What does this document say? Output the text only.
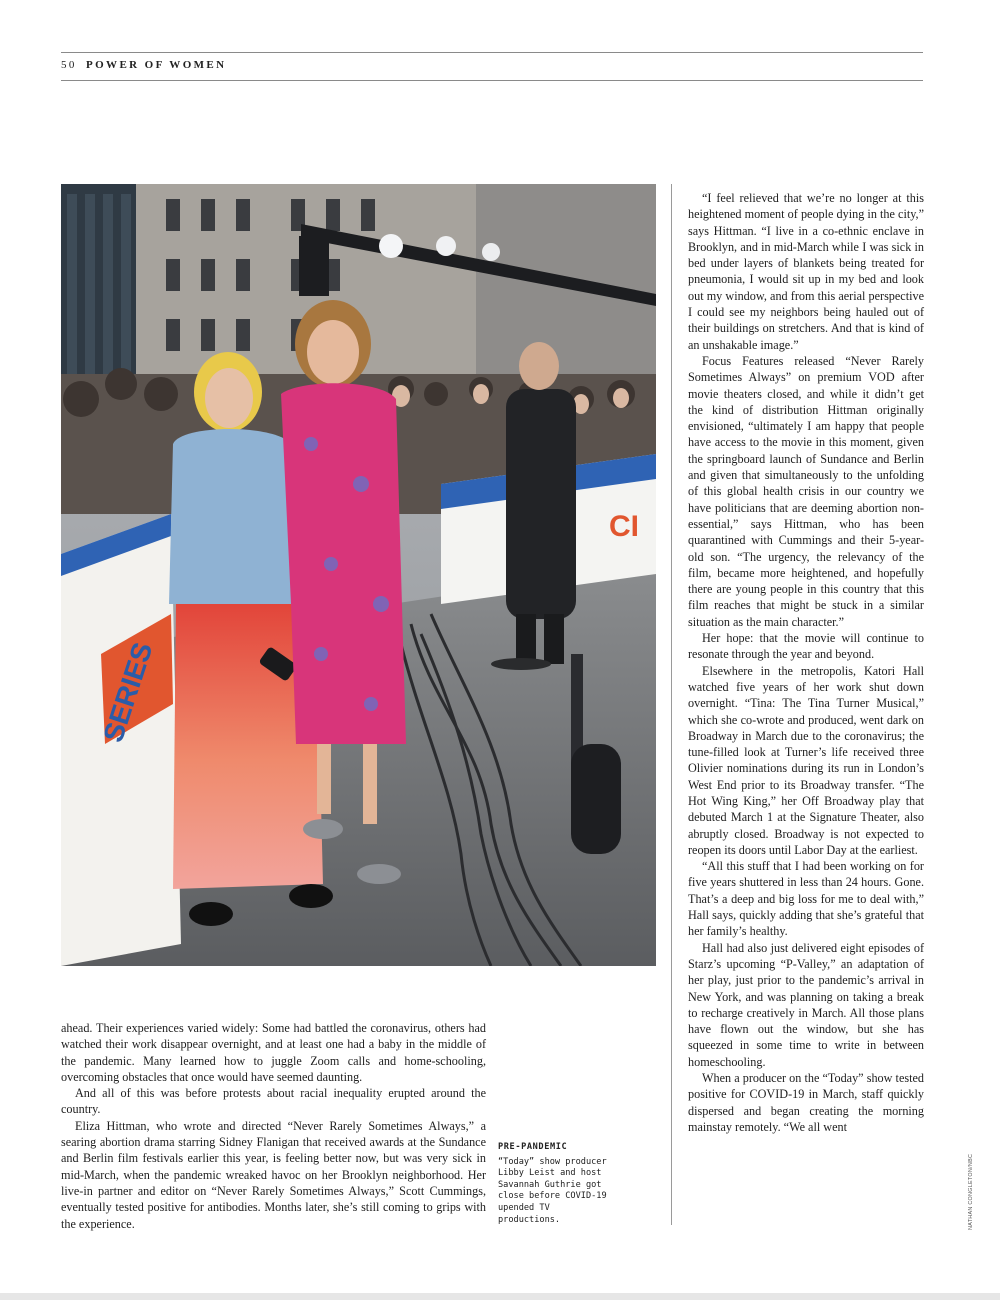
50 POWER OF WOMEN
CI
SERIES

“I feel relieved that we’re no longer at this heightened moment of people dying in the city,” says Hittman. “I live in a co-ethnic enclave in Brooklyn, and in mid-March while I was sick in bed under layers of blankets being treated for pneumonia, I would sit up in my bed and look out my window, and from this aerial perspective I could see my neighbors being hauled out of their buildings on stretchers. And that is kind of an unshakable image.”

Focus Features released “Never Rarely Sometimes Always” on premium VOD after movie theaters closed, and while it didn’t get the kind of distribution Hittman originally envisioned, “ultimately I am happy that people have access to the movie in this moment, given the springboard launch of Sundance and Berlin and given that simultaneously to the unfolding of this global health crisis in our country we have politicians that are deeming abortion non-essential,” says Hittman, who has been quarantined with Cummings and their 5-year-old son. “The urgency, the relevancy of the film, became more heightened, and hopefully there are young people in this country that this film reaches that might be stuck in a similar situation as the main character.”

Her hope: that the movie will continue to resonate through the year and beyond.

Elsewhere in the metropolis, Katori Hall watched five years of her work shut down overnight. “Tina: The Tina Turner Musical,” which she co-wrote and produced, went dark on Broadway in March due to the coronavirus; the tune-filled look at Turner’s life received three Olivier nominations during its run in London’s West End prior to its Broadway transfer. “The Hot Wing King,” her Off Broadway play that debuted March 1 at the Signature Theater, also abruptly closed. Broadway is not expected to reopen its doors until Labor Day at the earliest.

“All this stuff that I had been working on for five years shuttered in less than 24 hours. Gone. That’s a deep and big loss for me to deal with,” Hall says, quickly adding that she’s grateful that her family’s healthy.

Hall had also just delivered eight episodes of Starz’s upcoming “P-Valley,” an adaptation of her play, just prior to the pandemic’s arrival in New York, and was planning on taking a break to recharge creatively in March. All those plans have flown out the window, but she has squeezed in some time to write in between homeschooling.

When a producer on the “Today” show tested positive for COVID-19 in March, staff quickly dispersed and began creating the morning mainstay remotely. “We all went

ahead. Their experiences varied widely: Some had battled the coronavirus, others had watched their work disappear overnight, and at least one had a baby in the middle of the pandemic. Many learned how to juggle Zoom calls and home-schooling, overcoming obstacles that once would have seemed daunting.

And all of this was before protests about racial inequality erupted around the country.

Eliza Hittman, who wrote and directed “Never Rarely Sometimes Always,” a searing abortion drama starring Sidney Flanigan that received awards at the Sundance and Berlin film festivals earlier this year, is feeling better now, but was very sick in mid-March, when the pandemic wreaked havoc on her Brooklyn neighborhood. Her live-in partner and editor on “Never Rarely Sometimes Always,” Scott Cummings, eventually tested positive for antibodies. Months later, she’s still coming to grips with the experience.

PRE-PANDEMIC
“Today” show producer Libby Leist and host Savannah Guthrie got close before COVID-19 upended TV productions.	NATHAN CONGLETON/NBC
